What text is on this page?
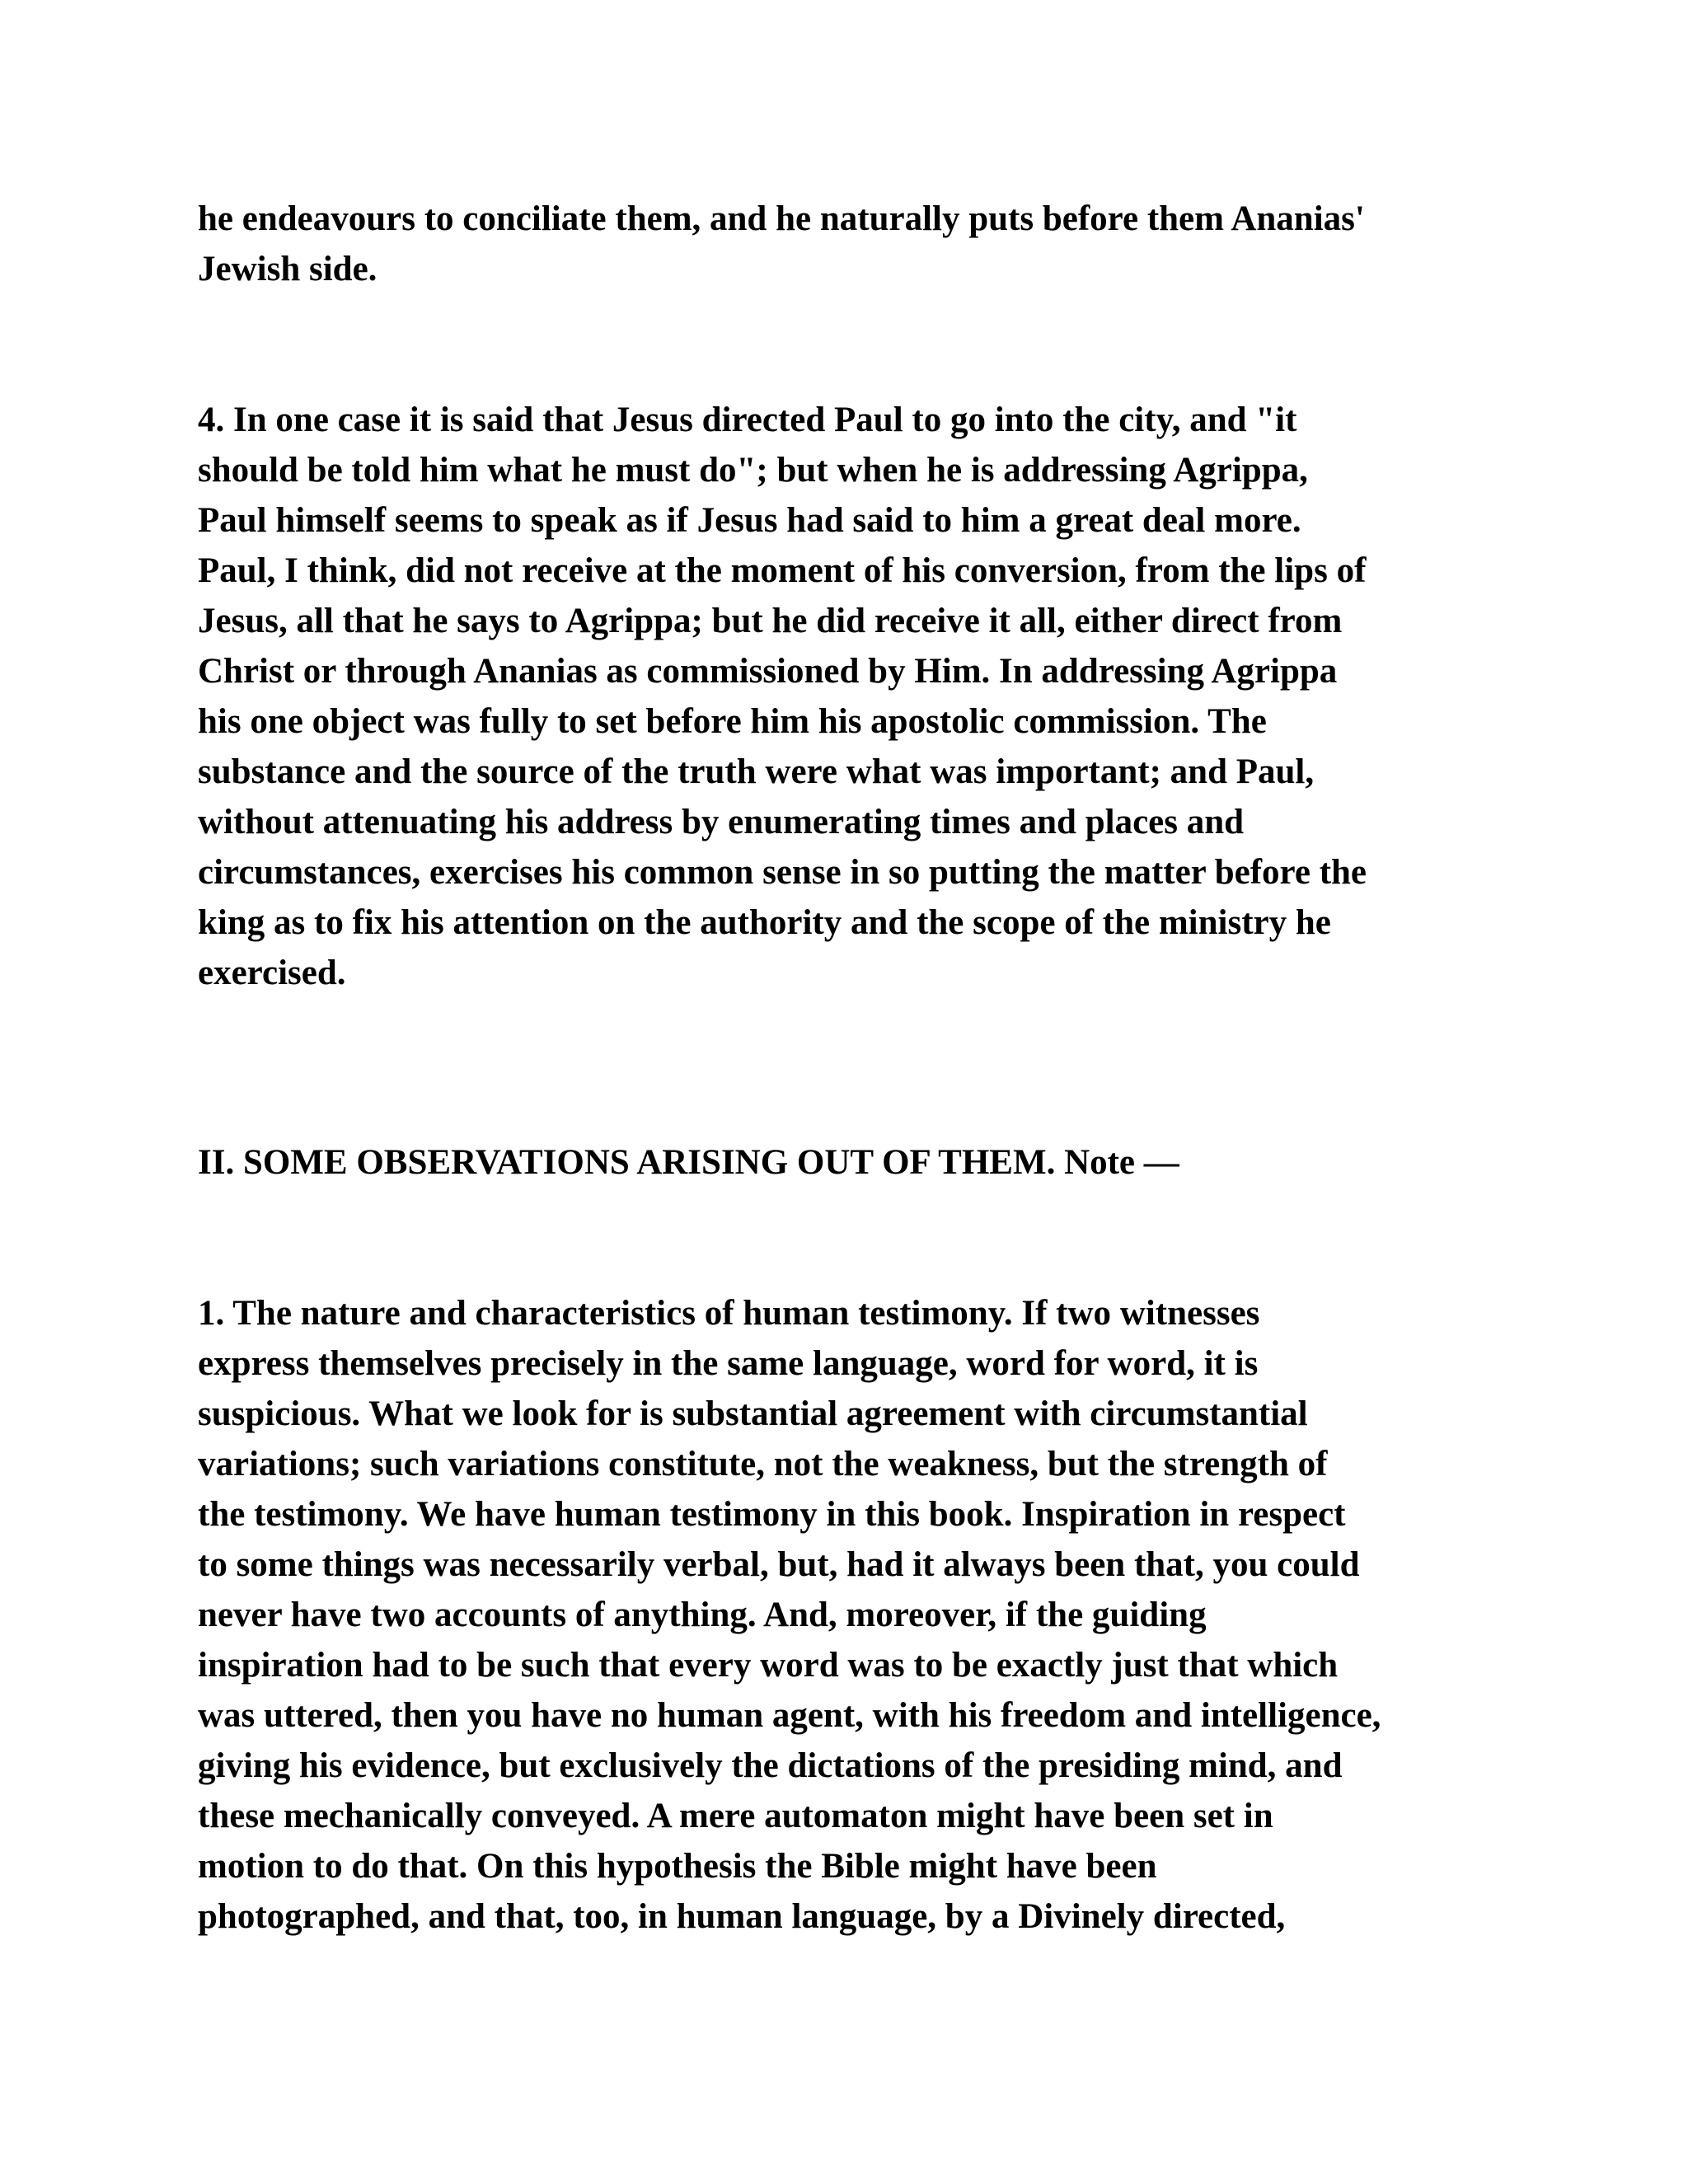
he endeavours to conciliate them, and he naturally puts before them Ananias'
Jewish side.
4. In one case it is said that Jesus directed Paul to go into the city, and "it
should be told him what he must do"; but when he is addressing Agrippa,
Paul himself seems to speak as if Jesus had said to him a great deal more.
Paul, I think, did not receive at the moment of his conversion, from the lips of
Jesus, all that he says to Agrippa; but he did receive it all, either direct from
Christ or through Ananias as commissioned by Him. In addressing Agrippa
his one object was fully to set before him his apostolic commission. The
substance and the source of the truth were what was important; and Paul,
without attenuating his address by enumerating times and places and
circumstances, exercises his common sense in so putting the matter before the
king as to fix his attention on the authority and the scope of the ministry he
exercised.
II. SOME OBSERVATIONS ARISING OUT OF THEM. Note —
1. The nature and characteristics of human testimony. If two witnesses
express themselves precisely in the same language, word for word, it is
suspicious. What we look for is substantial agreement with circumstantial
variations; such variations constitute, not the weakness, but the strength of
the testimony. We have human testimony in this book. Inspiration in respect
to some things was necessarily verbal, but, had it always been that, you could
never have two accounts of anything. And, moreover, if the guiding
inspiration had to be such that every word was to be exactly just that which
was uttered, then you have no human agent, with his freedom and intelligence,
giving his evidence, but exclusively the dictations of the presiding mind, and
these mechanically conveyed. A mere automaton might have been set in
motion to do that. On this hypothesis the Bible might have been
photographed, and that, too, in human language, by a Divinely directed,
